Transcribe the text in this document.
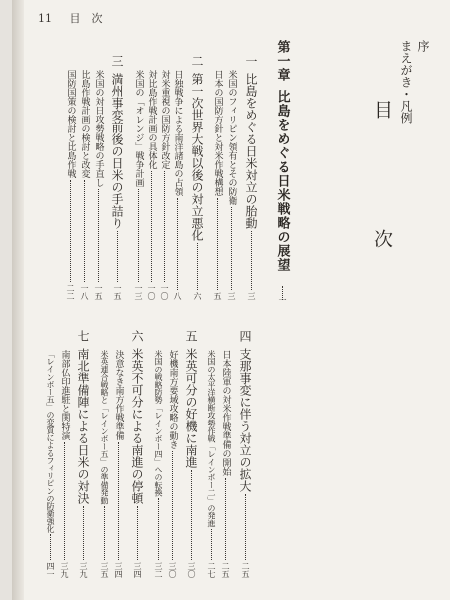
11 目　次
目　　次
序
まえがき・凡例
第一章
比島をめぐる日米戦略の展望
一
一
比島をめぐる日米対立の胎動
三
米国のフィリピン領有とその防衛
三
日本の国防方針と対米作戦構想
五
二
第一次世界大戦以後の対立悪化
六
日独戦争による南洋諸島の占領
八
対米重視の国防方針改定
一〇
対比島作戦計画の具体化
一〇
米国の「オレンジ」戦争計画
一三
三
満州事変前後の日米の手詰り
一五
米国の対日攻勢戦略の手直し
一五
比島作戦計画の検討と改変
一八
国防国策の検討と比島作戦
二二
四
支那事変に伴う対立の拡大
二五
日本陸軍の対米作戦準備の開始
二五
米国の太平洋横断攻勢作戦「レインボー二」の発進
二七
五
米英可分の好機に南進
三〇
好機南方要域攻略の動き
三〇
米国の戦略防勢「レインボー四」への転換
三二
六
米英不可分による南進の停頓
三四
決意なき南方作戦準備
三四
米英連合戦略と「レインボー五」の準備発動
三五
七
南北準備陣による日米の対決
三九
南部仏印進駐と関特演
三九
「レインボー五」の変質によるフィリピンの防衛強化
四一
